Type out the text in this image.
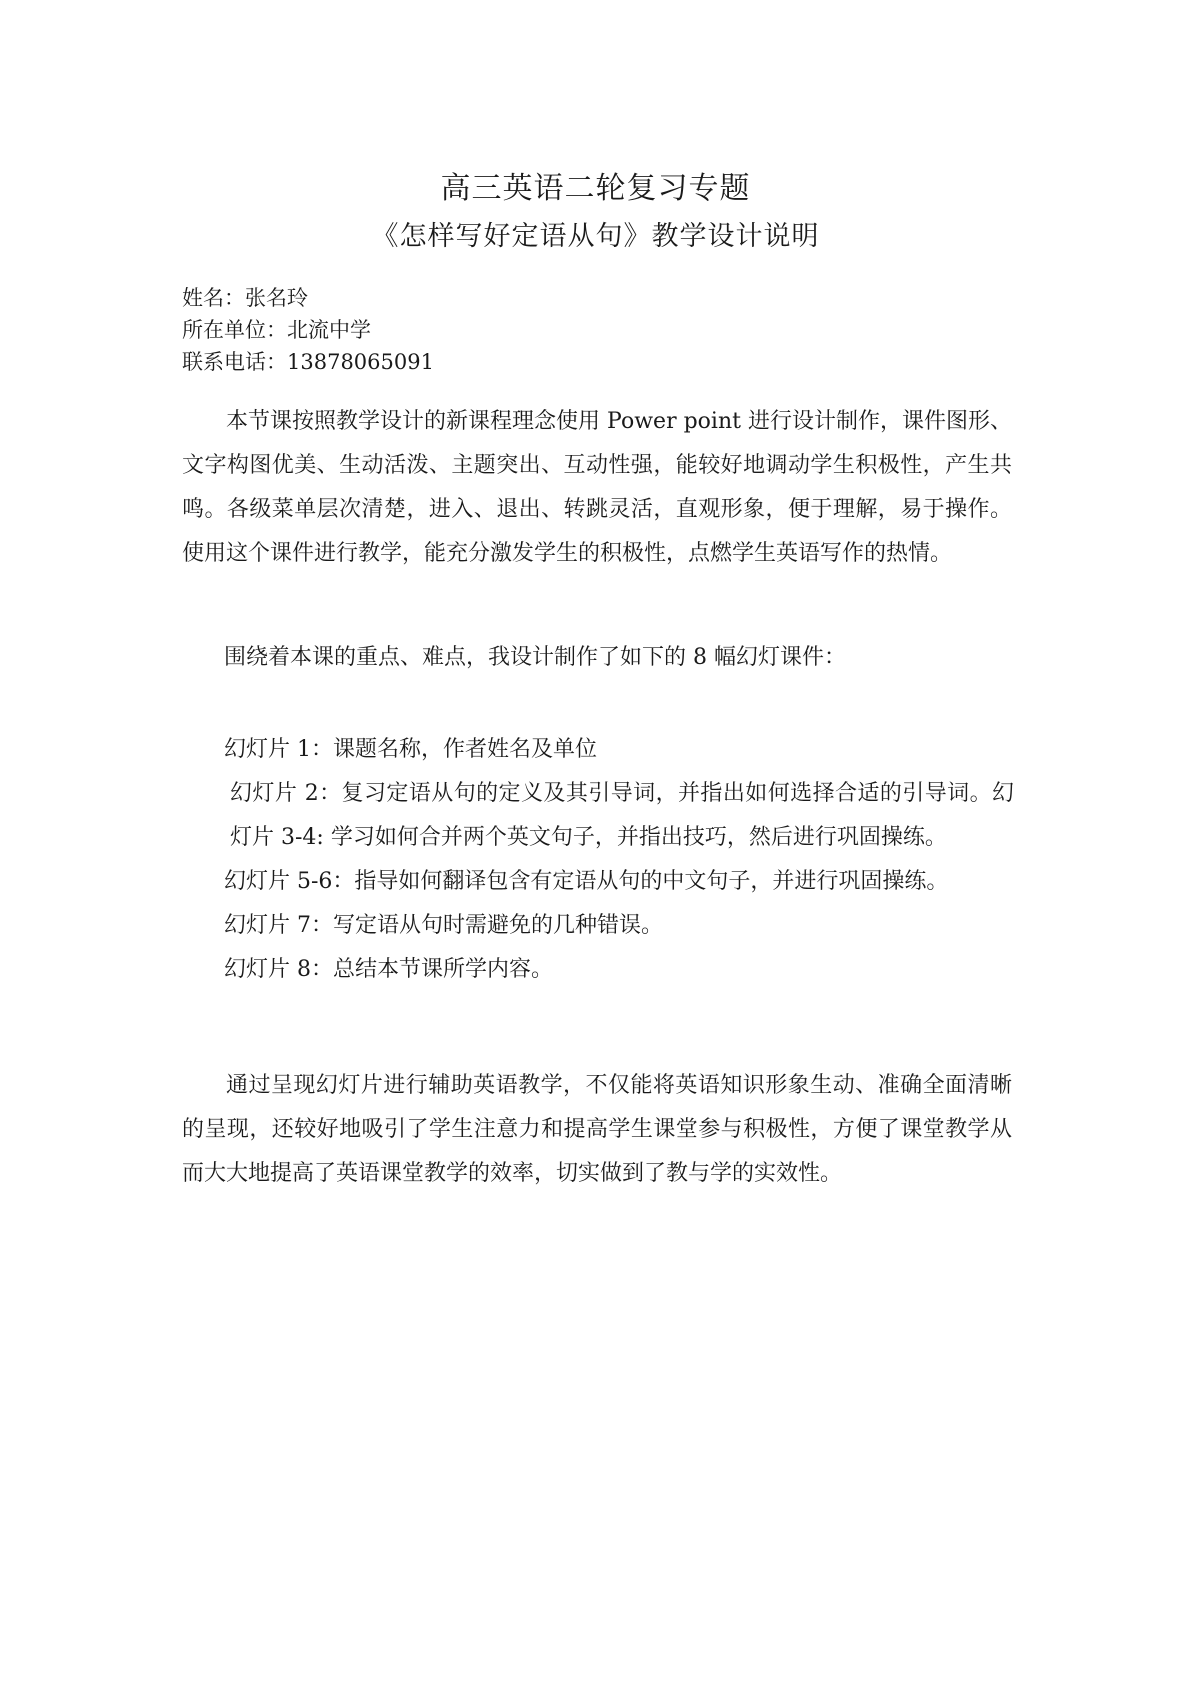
高三英语二轮复习专题
《怎样写好定语从句》教学设计说明
姓名：张名玲
所在单位：北流中学
联系电话：13878065091
本节课按照教学设计的新课程理念使用 Power point 进行设计制作，课件图形、文字构图优美、生动活泼、主题突出、互动性强，能较好地调动学生积极性，产生共鸣。各级菜单层次清楚，进入、退出、转跳灵活，直观形象，便于理解，易于操作。使用这个课件进行教学，能充分激发学生的积极性，点燃学生英语写作的热情。
围绕着本课的重点、难点，我设计制作了如下的 8 幅幻灯课件：
幻灯片 1：课题名称，作者姓名及单位
幻灯片 2：复习定语从句的定义及其引导词，并指出如何选择合适的引导词。幻灯片 3-4: 学习如何合并两个英文句子，并指出技巧，然后进行巩固操练。
幻灯片 5-6：指导如何翻译包含有定语从句的中文句子，并进行巩固操练。
幻灯片 7：写定语从句时需避免的几种错误。
幻灯片 8：总结本节课所学内容。
通过呈现幻灯片进行辅助英语教学，不仅能将英语知识形象生动、准确全面清晰的呈现，还较好地吸引了学生注意力和提高学生课堂参与积极性，方便了课堂教学从而大大地提高了英语课堂教学的效率，切实做到了教与学的实效性。
